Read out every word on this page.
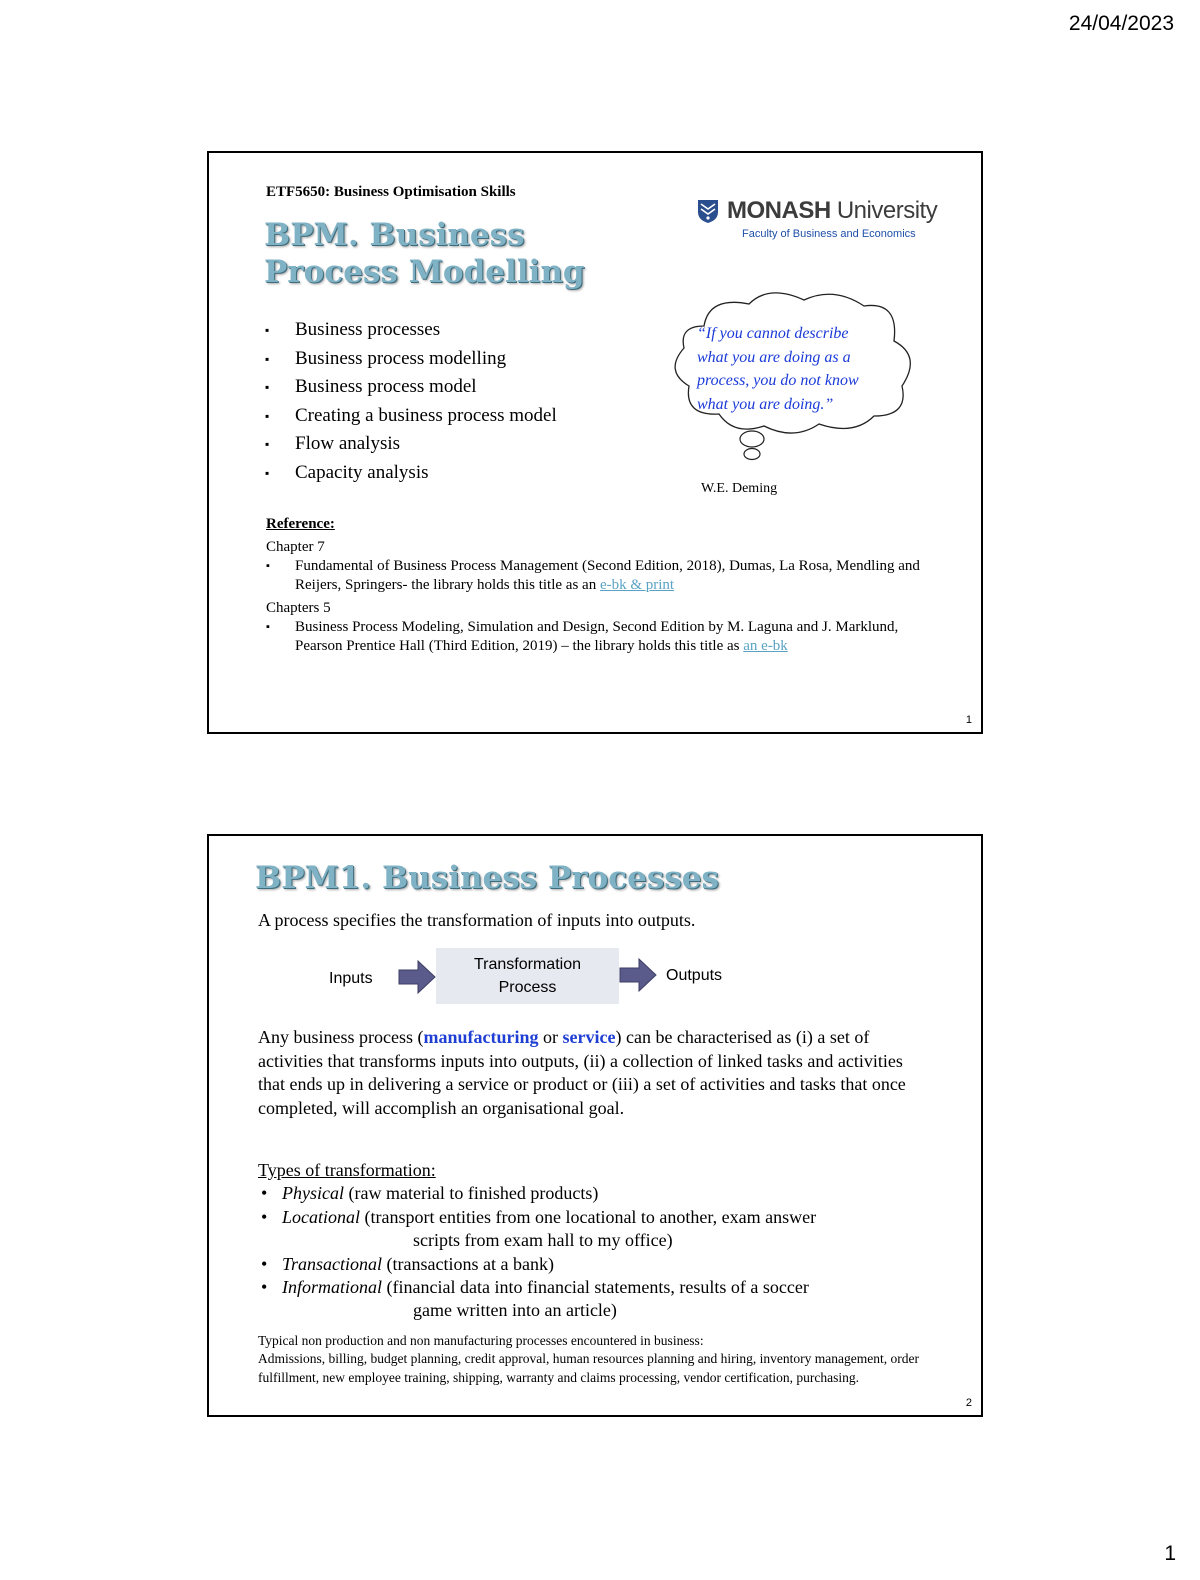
24/04/2023
ETF5650: Business Optimisation Skills
BPM. Business
Process Modelling
MONASH University
Faculty of Business and Economics
▪ Business processes
▪ Business process modelling
▪ Business process model
▪ Creating a business process model
▪ Flow analysis
▪ Capacity analysis
“If you cannot describe
what you are doing as a
process, you do not know
what you are doing.”
W.E. Deming
Reference:
Chapter 7
▪ Fundamental of Business Process Management (Second Edition, 2018), Dumas, La Rosa, Mendling and Reijers, Springers- the library holds this title as an e-bk & print
Chapters 5
▪ Business Process Modeling, Simulation and Design, Second Edition by M. Laguna and J. Marklund, Pearson Prentice Hall (Third Edition, 2019) – the library holds this title as an e-bk
1
BPM1. Business Processes
A process specifies the transformation of inputs into outputs.
Inputs
Transformation
Process
Outputs
Any business process (manufacturing or service) can be characterised as (i) a set of activities that transforms inputs into outputs, (ii) a collection of linked tasks and activities that ends up in delivering a service or product or (iii) a set of activities and tasks that once completed, will accomplish an organisational goal.
Types of transformation:
• Physical (raw material to finished products)
• Locational (transport entities from one locational to another, exam answer
scripts from exam hall to my office)
• Transactional (transactions at a bank)
• Informational (financial data into financial statements, results of a soccer
game written into an article)
Typical non production and non manufacturing processes encountered in business:
Admissions, billing, budget planning, credit approval, human resources planning and hiring, inventory management, order fulfillment, new employee training, shipping, warranty and claims processing, vendor certification, purchasing.
2
1
